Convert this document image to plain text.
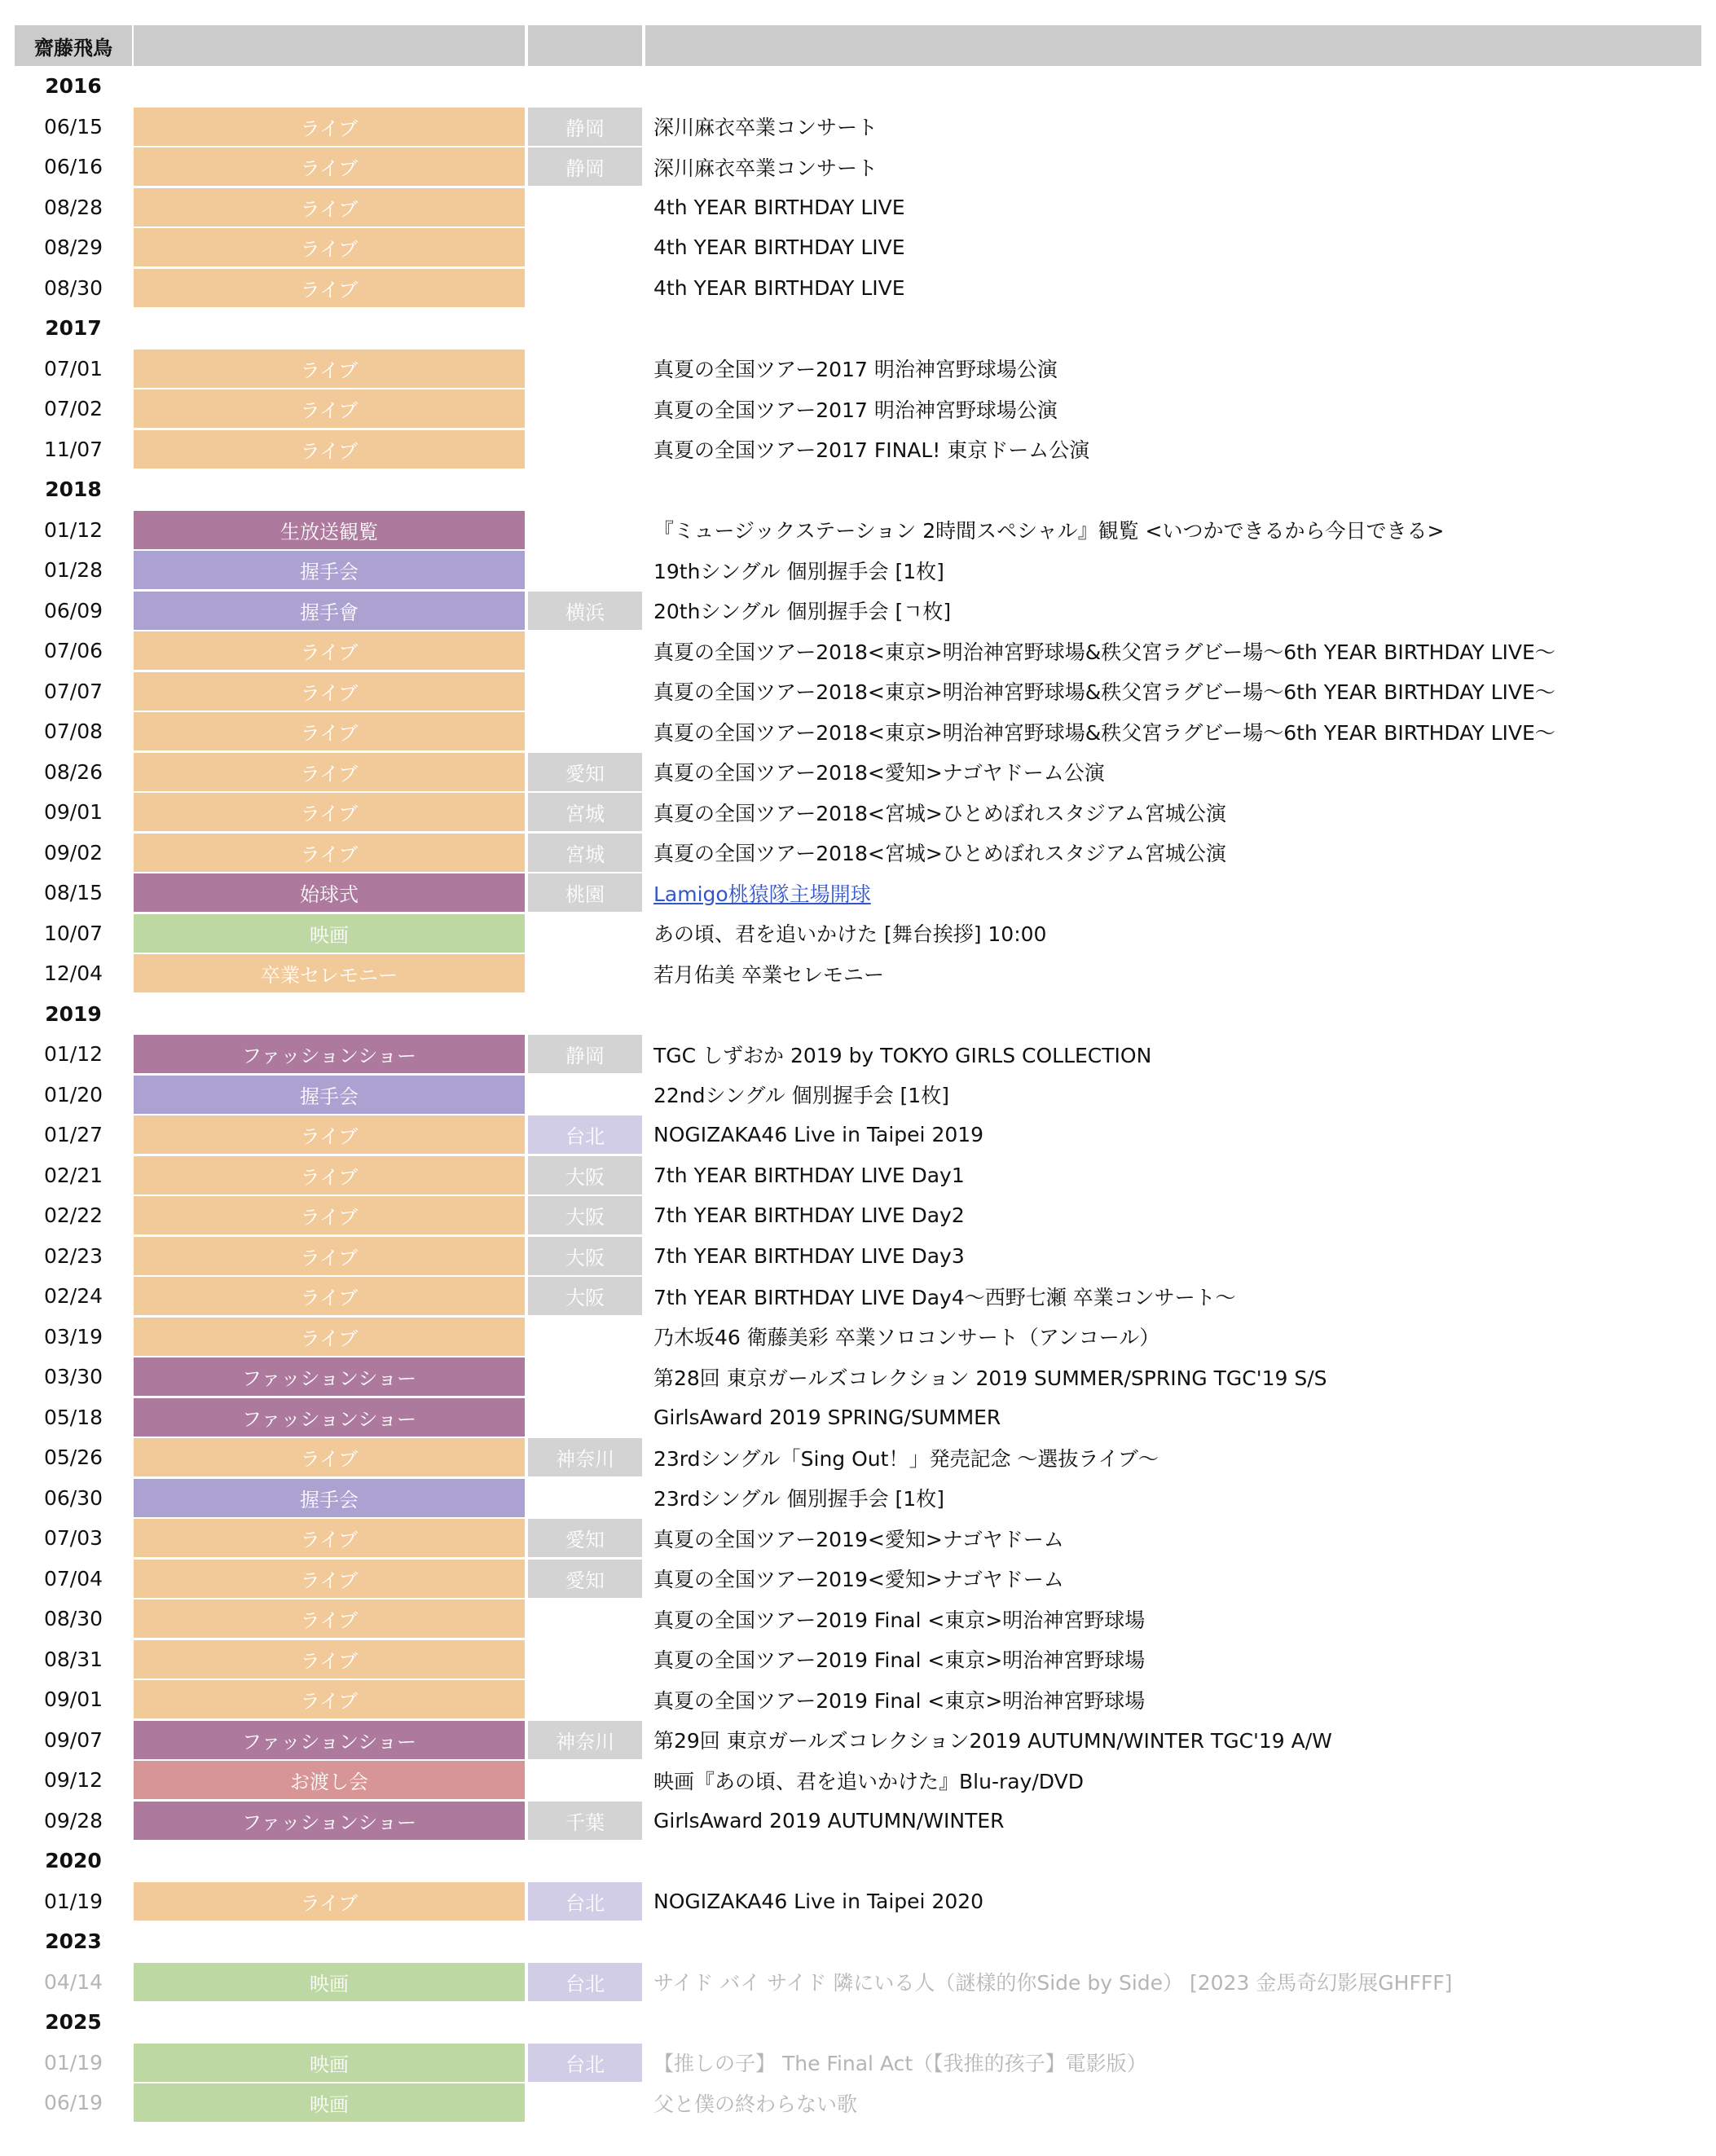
齋藤飛鳥
2016
06/15	ライブ	静岡	深川麻衣卒業コンサート
06/16	ライブ	静岡	深川麻衣卒業コンサート
08/28	ライブ	4th YEAR BIRTHDAY LIVE
08/29	ライブ	4th YEAR BIRTHDAY LIVE
08/30	ライブ	4th YEAR BIRTHDAY LIVE
2017
07/01	ライブ	真夏の全国ツアー2017 明治神宮野球場公演
07/02	ライブ	真夏の全国ツアー2017 明治神宮野球場公演
11/07	ライブ	真夏の全国ツアー2017 FINAL! 東京ドーム公演
2018
01/12	生放送観覧	『ミュージックステーション 2時間スペシャル』観覧 <いつかできるから今日できる>
01/28	握手会	19thシングル 個別握手会 [1枚]
06/09	握手會	横浜	20thシングル 個別握手会 [ㄱ枚]
07/06	ライブ	真夏の全国ツアー2018<東京>明治神宮野球場&秩父宮ラグビー場〜6th YEAR BIRTHDAY LIVE〜
07/07	ライブ	真夏の全国ツアー2018<東京>明治神宮野球場&秩父宮ラグビー場〜6th YEAR BIRTHDAY LIVE〜
07/08	ライブ	真夏の全国ツアー2018<東京>明治神宮野球場&秩父宮ラグビー場〜6th YEAR BIRTHDAY LIVE〜
08/26	ライブ	愛知	真夏の全国ツアー2018<愛知>ナゴヤドーム公演
09/01	ライブ	宮城	真夏の全国ツアー2018<宮城>ひとめぼれスタジアム宮城公演
09/02	ライブ	宮城	真夏の全国ツアー2018<宮城>ひとめぼれスタジアム宮城公演
08/15	始球式	桃園	Lamigo桃猿隊主場開球
10/07	映画	あの頃、君を追いかけた [舞台挨拶] 10:00
12/04	卒業セレモニー	若月佑美 卒業セレモニー
2019
01/12	ファッションショー	静岡	TGC しずおか 2019 by TOKYO GIRLS COLLECTION
01/20	握手会	22ndシングル 個別握手会 [1枚]
01/27	ライブ	台北	NOGIZAKA46 Live in Taipei 2019
02/21	ライブ	大阪	7th YEAR BIRTHDAY LIVE Day1
02/22	ライブ	大阪	7th YEAR BIRTHDAY LIVE Day2
02/23	ライブ	大阪	7th YEAR BIRTHDAY LIVE Day3
02/24	ライブ	大阪	7th YEAR BIRTHDAY LIVE Day4〜西野七瀬 卒業コンサート〜
03/19	ライブ	乃木坂46 衛藤美彩 卒業ソロコンサート（アンコール）
03/30	ファッションショー	第28回 東京ガールズコレクション 2019 SUMMER/SPRING TGC'19 S/S
05/18	ファッションショー	GirlsAward 2019 SPRING/SUMMER
05/26	ライブ	神奈川	23rdシングル「Sing Out！」発売記念 〜選抜ライブ〜
06/30	握手会	23rdシングル 個別握手会 [1枚]
07/03	ライブ	愛知	真夏の全国ツアー2019<愛知>ナゴヤドーム
07/04	ライブ	愛知	真夏の全国ツアー2019<愛知>ナゴヤドーム
08/30	ライブ	真夏の全国ツアー2019 Final <東京>明治神宮野球場
08/31	ライブ	真夏の全国ツアー2019 Final <東京>明治神宮野球場
09/01	ライブ	真夏の全国ツアー2019 Final <東京>明治神宮野球場
09/07	ファッションショー	神奈川	第29回 東京ガールズコレクション2019 AUTUMN/WINTER TGC'19 A/W
09/12	お渡し会	映画『あの頃、君を追いかけた』Blu-ray/DVD
09/28	ファッションショー	千葉	GirlsAward 2019 AUTUMN/WINTER
2020
01/19	ライブ	台北	NOGIZAKA46 Live in Taipei 2020
2023
04/14	映画	台北	サイド バイ サイド 隣にいる人（謎樣的你Side by Side） [2023 金馬奇幻影展GHFFF]
2025
01/19	映画	台北	【推しの子】 The Final Act（【我推的孩子】電影版）
06/19	映画	父と僕の終わらない歌
